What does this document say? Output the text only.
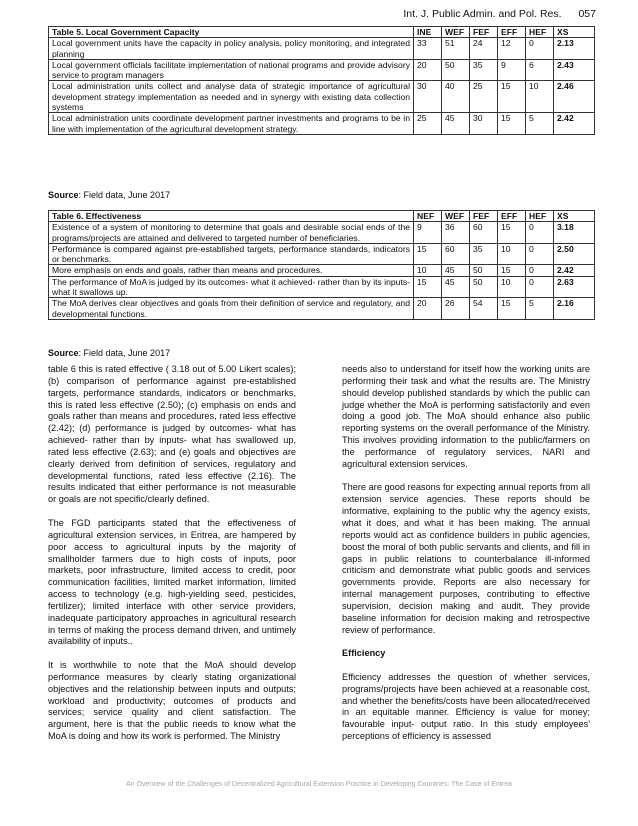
Int. J. Public Admin. and Pol. Res. 057
Table 5. Local Government Capacity	INE	WEF	FEF	EFF	HEF	XS
Local government units have the capacity in policy analysis, policy monitoring, and integrated planning	33	51	24	12	0	2.13
Local government officials facilitate implementation of national programs and provide advisory service to program managers	20	50	35	9	6	2.43
Local administration units collect and analyse data of strategic importance of agricultural development strategy implementation as needed and in synergy with existing data collection systems	30	40	25	15	10	2.46
Local administration units coordinate development partner investments and programs to be in line with implementation of the agricultural development strategy.	25	45	30	15	5	2.42
Source: Field data, June 2017
Table 6. Effectiveness	NEF	WEF	FEF	EFF	HEF	XS
Existence of a system of monitoring to determine that goals and desirable social ends of the programs/projects are attained and delivered to targeted number of beneficiaries.	9	36	60	15	0	3.18
Performance is compared against pre-established targets, performance standards, indicators or benchmarks.	15	60	35	10	0	2.50
More emphasis on ends and goals, rather than means and procedures.	10	45	50	15	0	2.42
The performance of MoA is judged by its outcomes- what it achieved- rather than by its inputs- what it swallows up.	15	45	50	10	0	2.63
The MoA derives clear objectives and goals from their definition of service and regulatory, and developmental functions.	20	26	54	15	5	2.16
Source: Field data, June 2017

table 6 this is rated effective ( 3.18 out of 5.00 Likert scales); (b) comparison of performance against pre-established targets, performance standards, indicators or benchmarks, this is rated less effective (2.50); (c) emphasis on ends and goals rather than means and procedures, rated less effective (2.42); (d) performance is judged by outcomes- what has achieved- rather than by inputs- what has swallowed up, rated less effective (2.63); and (e) goals and objectives are clearly derived from definition of services, regulatory and developmental functions, rated less effective (2.16). The results indicated that either performance is not measurable or goals are not specific/clearly defined.

The FGD participants stated that the effectiveness of agricultural extension services, in Eritrea, are hampered by poor access to agricultural inputs by the majority of smallholder farmers due to high costs of inputs, poor markets, poor infrastructure, limited access to credit, poor communication facilities, limited market information, limited access to technology (e.g. high-yielding seed, pesticides, fertilizer); limited interface with other service providers, inadequate participatory approaches in agricultural research in terms of making the process demand driven, and untimely availability of inputs..

It is worthwhile to note that the MoA should develop performance measures by clearly stating organizational objectives and the relationship between inputs and outputs; workload and productivity; outcomes of products and services; service quality and client satisfaction. The argument, here is that the public needs to know what the MoA is doing and how its work is performed. The Ministry

needs also to understand for itself how the working units are performing their task and what the results are. The Ministry should develop published standards by which the public can judge whether the MoA is performing satisfactorily and even doing a good job. The MoA should enhance also public reporting systems on the overall performance of the Ministry. This involves providing information to the public/farmers on the performance of regulatory services, NARI and agricultural extension services.

There are good reasons for expecting annual reports from all extension service agencies. These reports should be informative, explaining to the public why the agency exists, what it does, and what it has been making. The annual reports would act as confidence builders in public agencies, boost the moral of both public servants and clients, and fill in gaps in public relations to counterbalance ill-informed criticism and demonstrate what public goods and services governments provide. Reports are also necessary for internal management purposes, contributing to effective supervision, decision making and audit. They provide baseline information for decision making and retrospective review of performance.

Efficiency

Efficiency addresses the question of whether services, programs/projects have been achieved at a reasonable cost, and whether the benefits/costs have been allocated/received in an equitable manner. Efficiency is value for money; favourable input- output ratio. In this study employees' perceptions of efficiency is assessed

An Overview of the Challenges of Decentralized Agricultural Extension Practice in Developing Countries: The Case of Eritrea
